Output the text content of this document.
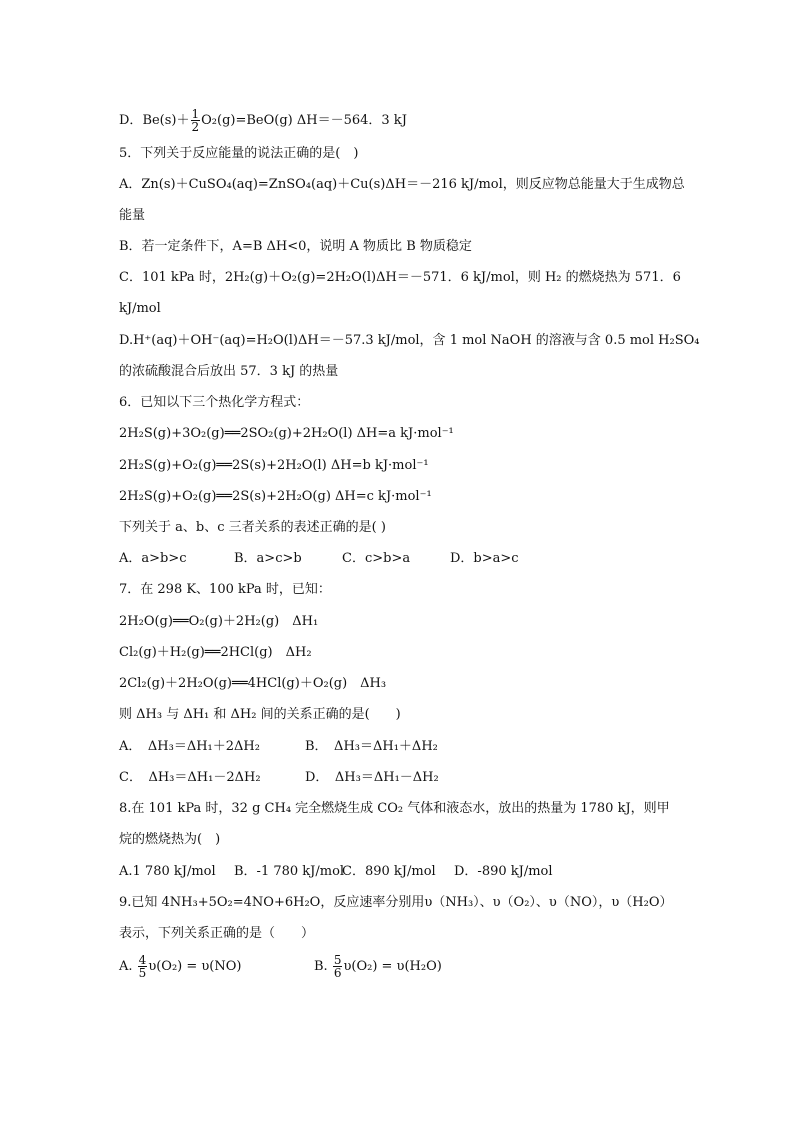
D．$Be(s)+ \frac{1}{2} O_2(g)=BeO(g)$ ΔH＝－564．3 kJ
5．下列关于反应能量的说法正确的是(　)
A．Zn(s)＋CuSO₄(aq)=ZnSO₄(aq)＋Cu(s)ΔH＝－216 kJ/mol，则反应物总能量大于生成物总
能量
B．若一定条件下，A=B ΔH<0，说明 A 物质比 B 物质稳定
C．101 kPa 时，2H₂(g)＋O₂(g)=2H₂O(l)ΔH＝－571．6 kJ/mol，则 H₂ 的燃烧热为 571．6
kJ/mol
D.H⁺(aq)＋OH⁻(aq)=H₂O(l)ΔH＝－57.3 kJ/mol，含 1 mol NaOH 的溶液与含 0.5 mol H₂SO₄
的浓硫酸混合后放出 57．3 kJ 的热量
6．已知以下三个热化学方程式：
2H₂S(g)+3O₂(g)══2SO₂(g)+2H₂O(l) ΔH=a kJ·mol⁻¹
2H₂S(g)+O₂(g)══2S(s)+2H₂O(l) ΔH=b kJ·mol⁻¹
2H₂S(g)+O₂(g)══2S(s)+2H₂O(g) ΔH=c kJ·mol⁻¹
下列关于 a、b、c 三者关系的表述正确的是( )
A．a>b>c	B．a>c>b	C．c>b>a	D．b>a>c
7．在 298 K、100 kPa 时，已知：
2H₂O(g)══O₂(g)＋2H₂(g)　ΔH₁
Cl₂(g)＋H₂(g)══2HCl(g)　ΔH₂
2Cl₂(g)＋2H₂O(g)══4HCl(g)＋O₂(g)　ΔH₃
则 ΔH₃ 与 ΔH₁ 和 ΔH₂ 间的关系正确的是(　　)
A．　ΔH₃＝ΔH₁＋2ΔH₂	B．　ΔH₃＝ΔH₁＋ΔH₂
C．　ΔH₃＝ΔH₁－2ΔH₂	D．　ΔH₃＝ΔH₁－ΔH₂
8.在 101 kPa 时，32 g CH₄ 完全燃烧生成 CO₂ 气体和液态水，放出的热量为 1780 kJ，则甲
烷的燃烧热为(　)
A.1 780 kJ/mol B．-1 780 kJ/molC．890 kJ/mol D．-890 kJ/mol
9.已知 4NH₃+5O₂=4NO+6H₂O，反应速率分别用υ（NH₃）、υ（O₂）、υ（NO），υ（H₂O）
表示，下列关系正确的是（　　）
A. $\frac{4}{5} \upsilon(O_2) = \upsilon(NO)$	B. $\frac{5}{6} \upsilon(O_2) = \upsilon(H_2O)$
